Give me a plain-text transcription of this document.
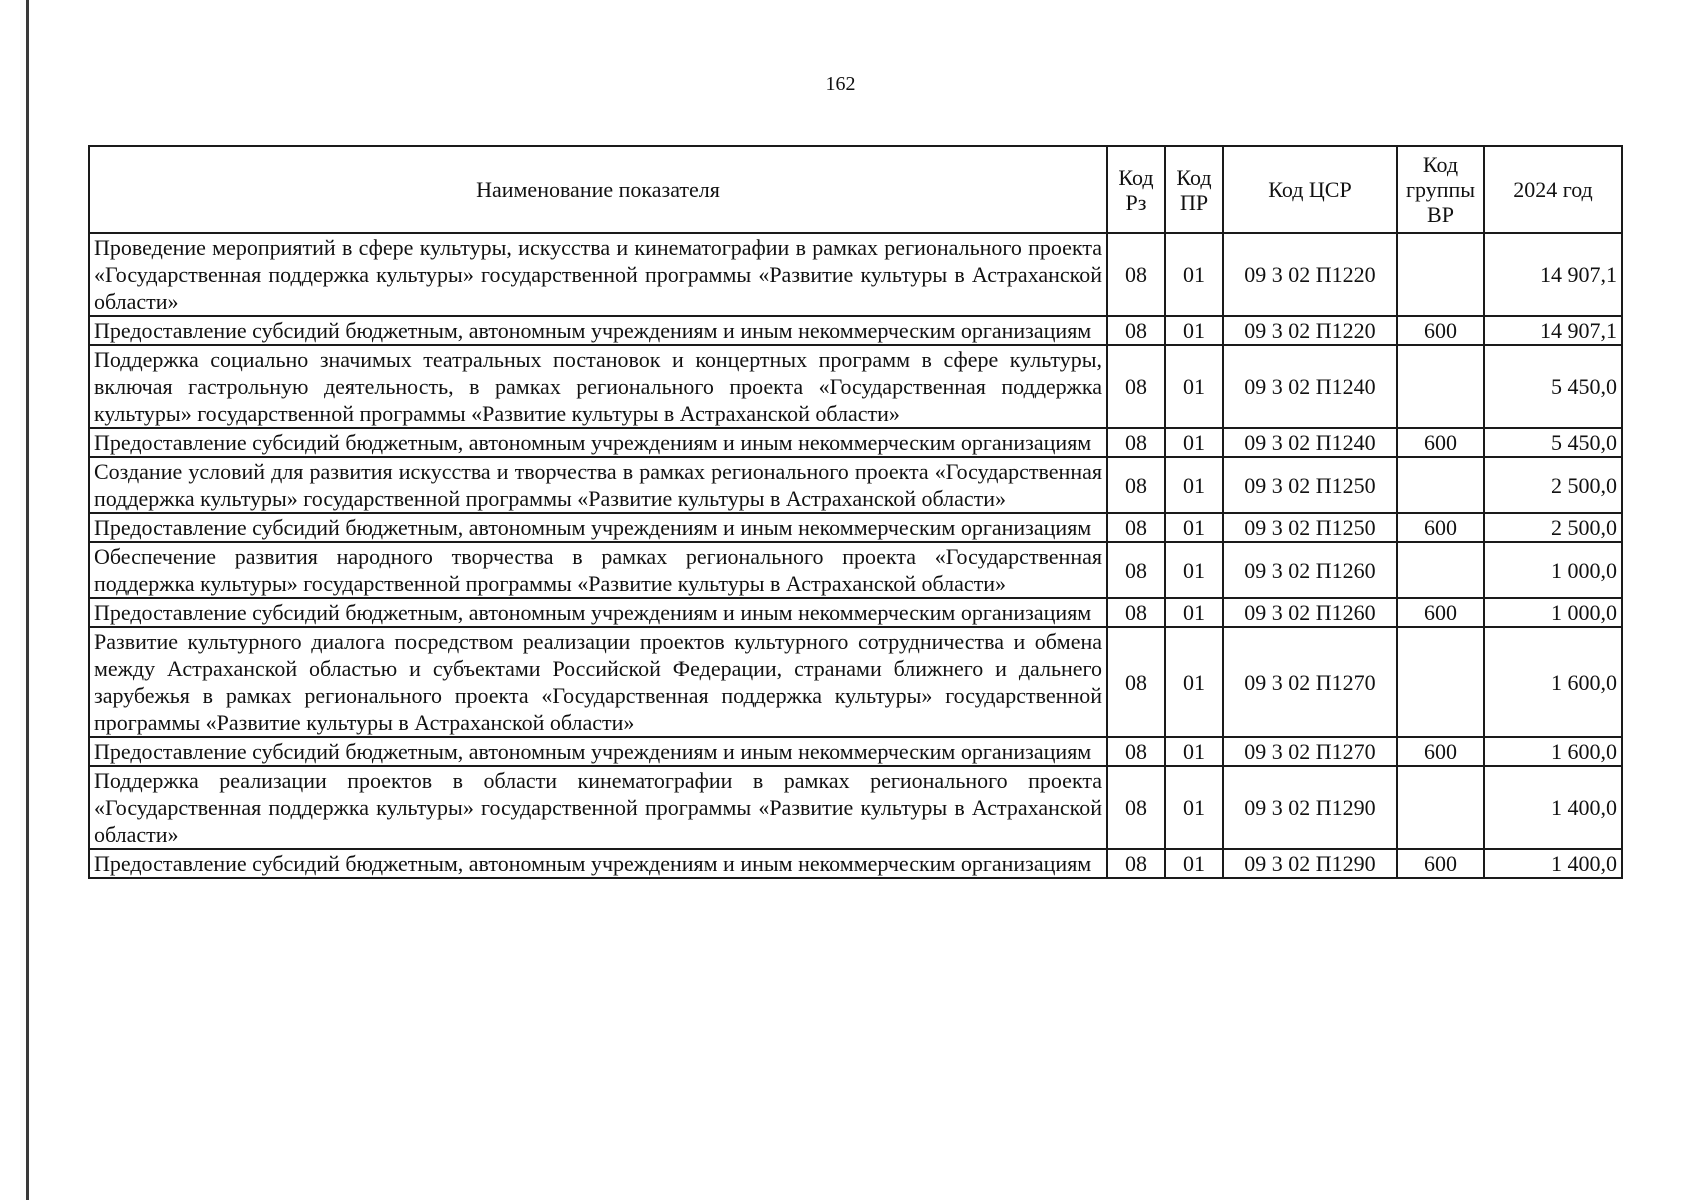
162
Наименование показателя	Код Рз	Код ПР	Код ЦСР	Код группы ВР	2024 год
Проведение мероприятий в сфере культуры, искусства и кинематографии в рамках регионального проекта «Государственная поддержка культуры» государственной программы «Развитие культуры в Астраханской области»	08	01	09 3 02 П1220		14 907,1
Предоставление субсидий бюджетным, автономным учреждениям и иным некоммерческим организациям	08	01	09 3 02 П1220	600	14 907,1
Поддержка социально значимых театральных постановок и концертных программ в сфере культуры, включая гастрольную деятельность, в рамках регионального проекта «Государственная поддержка культуры» государственной программы «Развитие культуры в Астраханской области»	08	01	09 3 02 П1240		5 450,0
Предоставление субсидий бюджетным, автономным учреждениям и иным некоммерческим организациям	08	01	09 3 02 П1240	600	5 450,0
Создание условий для развития искусства и творчества в рамках регионального проекта «Государственная поддержка культуры» государственной программы «Развитие культуры в Астраханской области»	08	01	09 3 02 П1250		2 500,0
Предоставление субсидий бюджетным, автономным учреждениям и иным некоммерческим организациям	08	01	09 3 02 П1250	600	2 500,0
Обеспечение развития народного творчества в рамках регионального проекта «Государственная поддержка культуры» государственной программы «Развитие культуры в Астраханской области»	08	01	09 3 02 П1260		1 000,0
Предоставление субсидий бюджетным, автономным учреждениям и иным некоммерческим организациям	08	01	09 3 02 П1260	600	1 000,0
Развитие культурного диалога посредством реализации проектов культурного сотрудничества и обмена между Астраханской областью и субъектами Российской Федерации, странами ближнего и дальнего зарубежья в рамках регионального проекта «Государственная поддержка культуры» государственной программы «Развитие культуры в Астраханской области»	08	01	09 3 02 П1270		1 600,0
Предоставление субсидий бюджетным, автономным учреждениям и иным некоммерческим организациям	08	01	09 3 02 П1270	600	1 600,0
Поддержка реализации проектов в области кинематографии в рамках регионального проекта «Государственная поддержка культуры» государственной программы «Развитие культуры в Астраханской области»	08	01	09 3 02 П1290		1 400,0
Предоставление субсидий бюджетным, автономным учреждениям и иным некоммерческим организациям	08	01	09 3 02 П1290	600	1 400,0
